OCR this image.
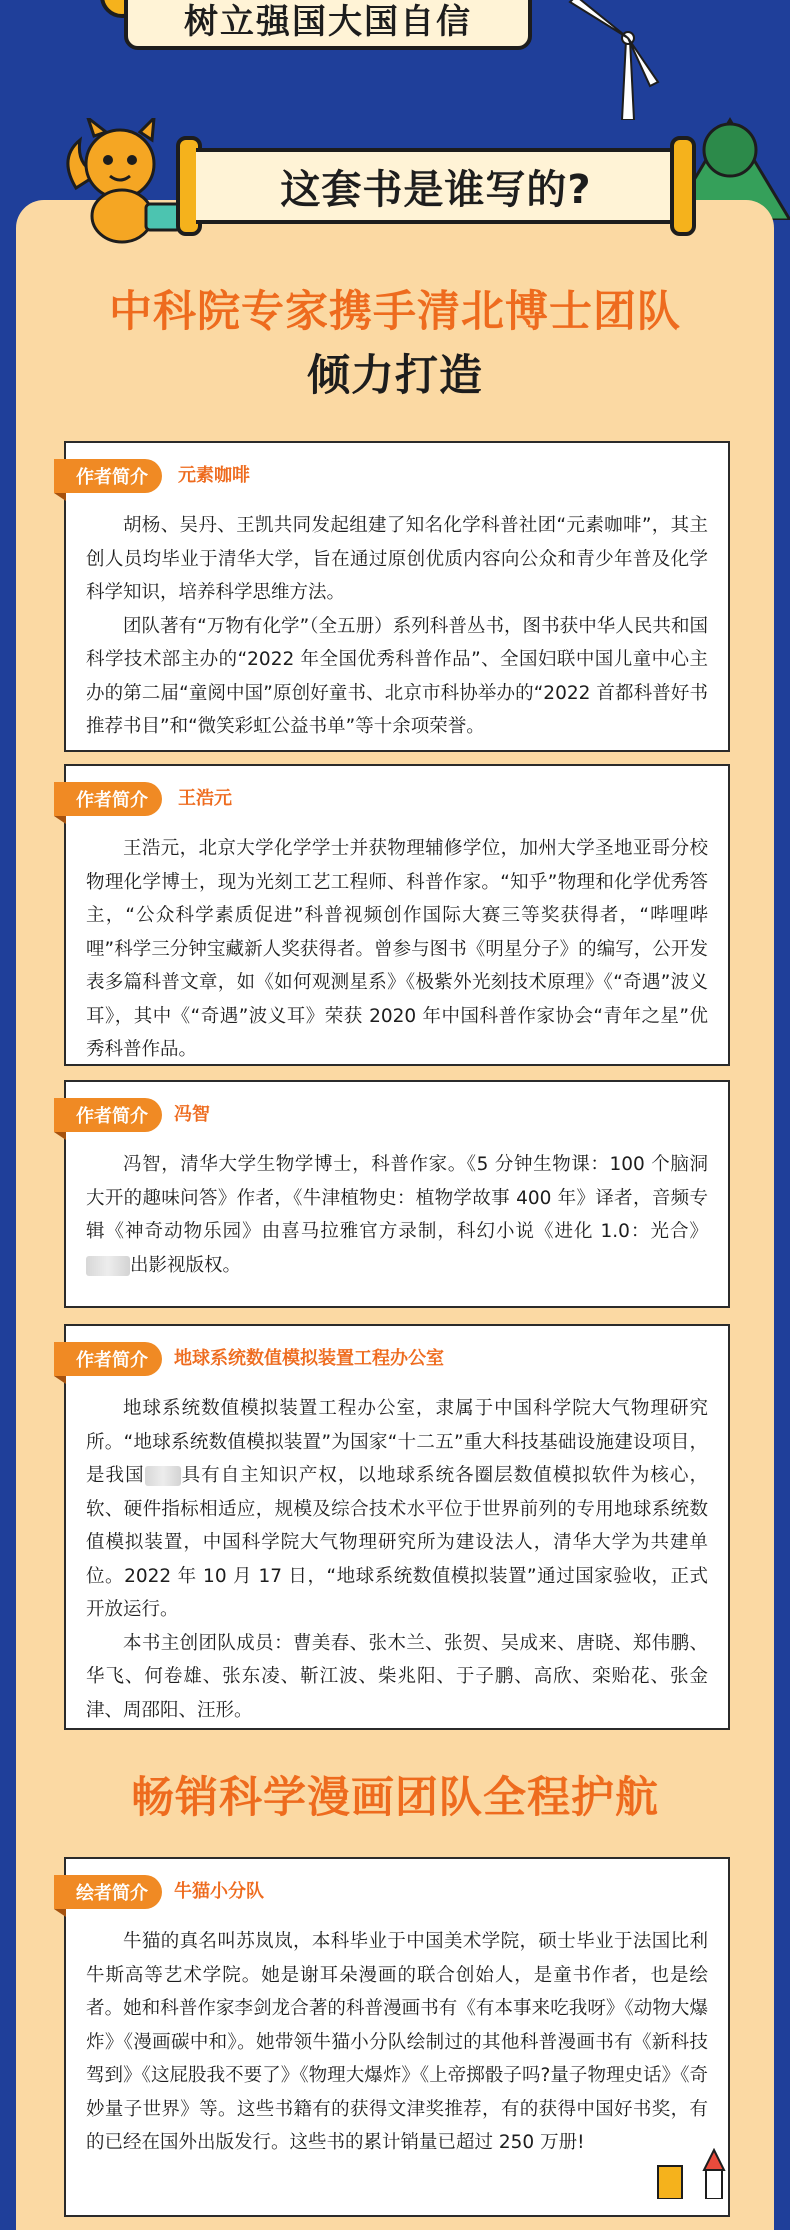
树立强国大国自信
这套书是谁写的?
中科院专家携手清北博士团队
倾力打造
作者简介	元素咖啡

胡杨、吴丹、王凯共同发起组建了知名化学科普社团“元素咖啡”，其主创人员均毕业于清华大学，旨在通过原创优质内容向公众和青少年普及化学科学知识，培养科学思维方法。

团队著有“万物有化学”（全五册）系列科普丛书，图书获中华人民共和国科学技术部主办的“2022 年全国优秀科普作品”、全国妇联中国儿童中心主办的第二届“童阅中国”原创好童书、北京市科协举办的“2022 首都科普好书推荐书目”和“微笑彩虹公益书单”等十余项荣誉。

作者简介	王浩元

王浩元，北京大学化学学士并获物理辅修学位，加州大学圣地亚哥分校物理化学博士，现为光刻工艺工程师、科普作家。“知乎”物理和化学优秀答主，“公众科学素质促进”科普视频创作国际大赛三等奖获得者，“哔哩哔哩”科学三分钟宝藏新人奖获得者。曾参与图书《明星分子》的编写，公开发表多篇科普文章，如《如何观测星系》《极紫外光刻技术原理》《“奇遇”波义耳》，其中《“奇遇”波义耳》荣获 2020 年中国科普作家协会“青年之星”优秀科普作品。

作者简介	冯智

冯智，清华大学生物学博士，科普作家。《5 分钟生物课：100 个脑洞大开的趣味问答》作者，《牛津植物史：植物学故事 400 年》译者，音频专辑《神奇动物乐园》由喜马拉雅官方录制，科幻小说《进化 1.0：光合》出影视版权。

作者简介	地球系统数值模拟装置工程办公室

地球系统数值模拟装置工程办公室，隶属于中国科学院大气物理研究所。“地球系统数值模拟装置”为国家“十二五”重大科技基础设施建设项目，是我国 具有自主知识产权，以地球系统各圈层数值模拟软件为核心，软、硬件指标相适应，规模及综合技术水平位于世界前列的专用地球系统数值模拟装置，中国科学院大气物理研究所为建设法人，清华大学为共建单位。2022 年 10 月 17 日，“地球系统数值模拟装置”通过国家验收，正式开放运行。

本书主创团队成员：曹美春、张木兰、张贺、吴成来、唐晓、郑伟鹏、华飞、何卷雄、张东凌、靳江波、柴兆阳、于子鹏、高欣、栾贻花、张金津、周邵阳、汪形。

畅销科学漫画团队全程护航
绘者简介	牛猫小分队

牛猫的真名叫苏岚岚，本科毕业于中国美术学院，硕士毕业于法国比利牛斯高等艺术学院。她是谢耳朵漫画的联合创始人，是童书作者，也是绘者。她和科普作家李剑龙合著的科普漫画书有《有本事来吃我呀》《动物大爆炸》《漫画碳中和》。她带领牛猫小分队绘制过的其他科普漫画书有《新科技驾到》《这屁股我不要了》《物理大爆炸》《上帝掷骰子吗?量子物理史话》《奇妙量子世界》等。这些书籍有的获得文津奖推荐，有的获得中国好书奖，有的已经在国外出版发行。这些书的累计销量已超过 250 万册!
